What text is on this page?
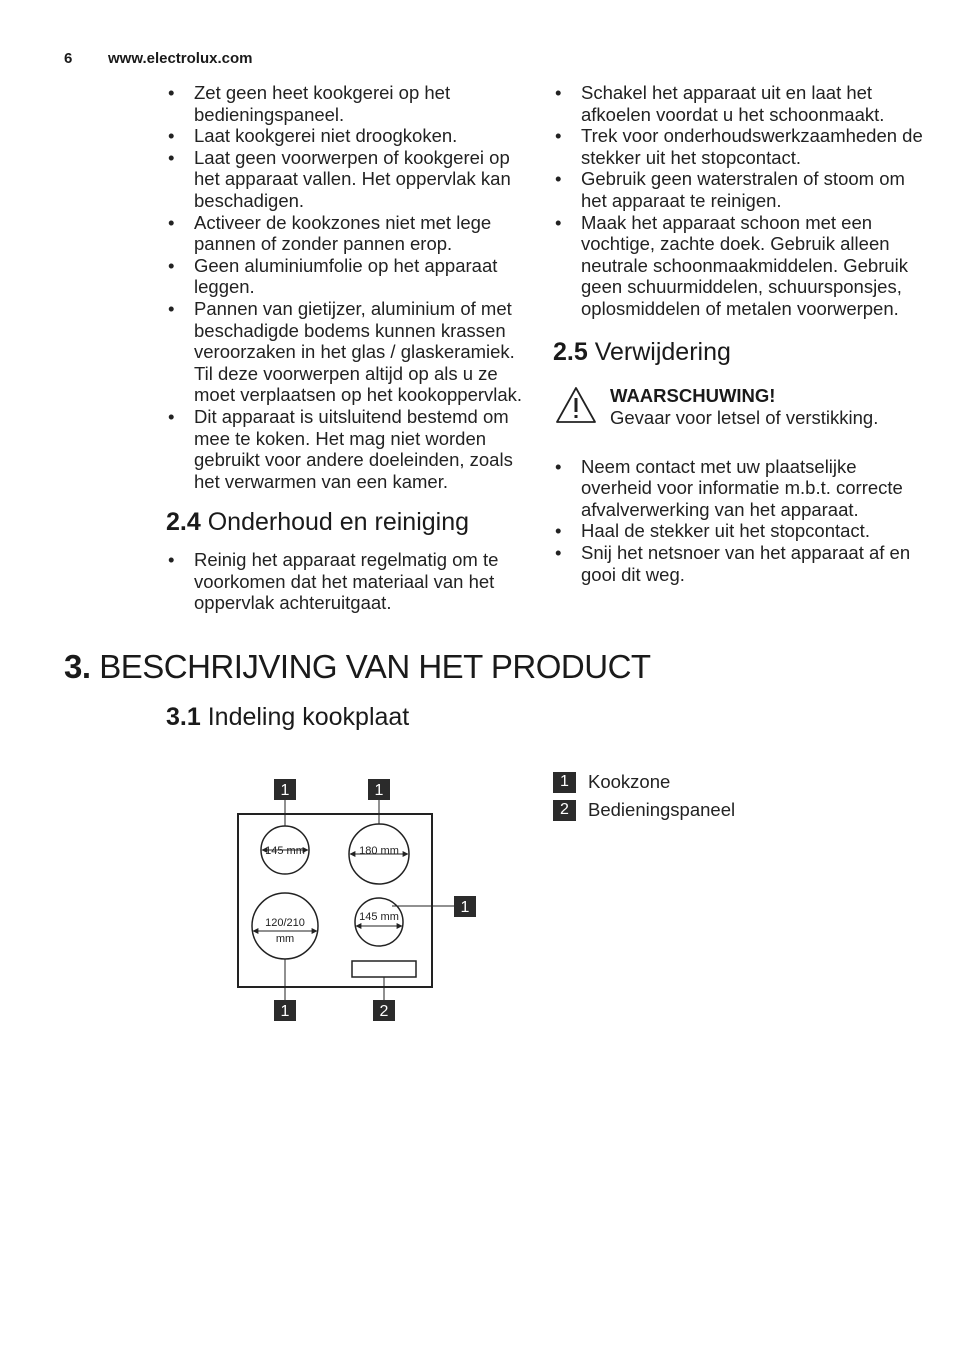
6 www.electrolux.com
• Zet geen heet kookgerei op het bedieningspaneel.
• Laat kookgerei niet droogkoken.
• Laat geen voorwerpen of kookgerei op het apparaat vallen. Het oppervlak kan beschadigen.
• Activeer de kookzones niet met lege pannen of zonder pannen erop.
• Geen aluminiumfolie op het apparaat leggen.
• Pannen van gietijzer, aluminium of met beschadigde bodems kunnen krassen veroorzaken in het glas / glaskeramiek. Til deze voorwerpen altijd op als u ze moet verplaatsen op het kookoppervlak.
• Dit apparaat is uitsluitend bestemd om mee te koken. Het mag niet worden gebruikt voor andere doeleinden, zoals het verwarmen van een kamer.
2.4 Onderhoud en reiniging
• Reinig het apparaat regelmatig om te voorkomen dat het materiaal van het oppervlak achteruitgaat.
• Schakel het apparaat uit en laat het afkoelen voordat u het schoonmaakt.
• Trek voor onderhoudswerkzaamheden de stekker uit het stopcontact.
• Gebruik geen waterstralen of stoom om het apparaat te reinigen.
• Maak het apparaat schoon met een vochtige, zachte doek. Gebruik alleen neutrale schoonmaakmiddelen. Gebruik geen schuurmiddelen, schuursponsjes, oplosmiddelen of metalen voorwerpen.
2.5 Verwijdering
WAARSCHUWING!
Gevaar voor letsel of verstikking.
• Neem contact met uw plaatselijke overheid voor informatie m.b.t. correcte afvalverwerking van het apparaat.
• Haal de stekker uit het stopcontact.
• Snij het netsnoer van het apparaat af en gooi dit weg.
3. BESCHRIJVING VAN HET PRODUCT
3.1 Indeling kookplaat
1	Kookzone
2	Bedieningspaneel
145 mm	180 mm
120/210
mm
145 mm
1	1
1
1	2
